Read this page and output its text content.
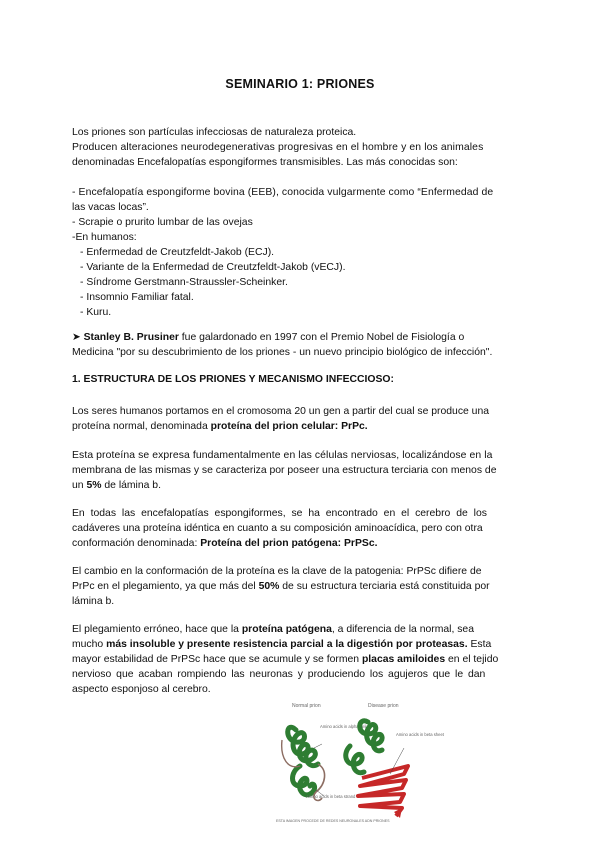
SEMINARIO 1: PRIONES
Los priones son partículas infecciosas de naturaleza proteica.
Producen alteraciones neurodegenerativas progresivas en el hombre y en los animales
denominadas Encefalopatías espongiformes transmisibles. Las más conocidas son:
- Encefalopatía espongiforme bovina (EEB), conocida vulgarmente como “Enfermedad de
las vacas locas”.
- Scrapie o prurito lumbar de las ovejas
-En humanos:
- Enfermedad de Creutzfeldt-Jakob (ECJ).
- Variante de la Enfermedad de Creutzfeldt-Jakob (vECJ).
- Síndrome Gerstmann-Straussler-Scheinker.
- Insomnio Familiar fatal.
- Kuru.
➤ Stanley B. Prusiner fue galardonado en 1997 con el Premio Nobel de Fisiología o
Medicina "por su descubrimiento de los priones - un nuevo principio biológico de infección".
1. ESTRUCTURA DE LOS PRIONES Y MECANISMO INFECCIOSO:
Los seres humanos portamos en el cromosoma 20 un gen a partir del cual se produce una
proteína normal, denominada proteína del prion celular: PrPc.
Esta proteína se expresa fundamentalmente en las células nerviosas, localizándose en la
membrana de las mismas y se caracteriza por poseer una estructura terciaria con menos de
un 5% de lámina b.
En todas las encefalopatías espongiformes, se ha encontrado en el cerebro de los
cadáveres una proteína idéntica en cuanto a su composición aminoacídica, pero con otra
conformación denominada: Proteína del prion patógena: PrPSc.
El cambio en la conformación de la proteína es la clave de la patogenia: PrPSc difiere de
PrPc en el plegamiento, ya que más del 50% de su estructura terciaria está constituida por
lámina b.
El plegamiento erróneo, hace que la proteína patógena, a diferencia de la normal, sea
mucho más insoluble y presente resistencia parcial a la digestión por proteasas. Esta
mayor estabilidad de PrPSc hace que se acumule y se formen placas amiloides en el tejido
nervioso que acaban rompiendo las neuronas y produciendo los agujeros que le dan
aspecto esponjoso al cerebro.
Normal prion
Amino acids in alpha helix
Amino acids in beta strand
Disease prion
Amino acids in beta sheet
ESTA IMAGEN PROCEDE DE REDES NEURONALES ADN PRIONES
